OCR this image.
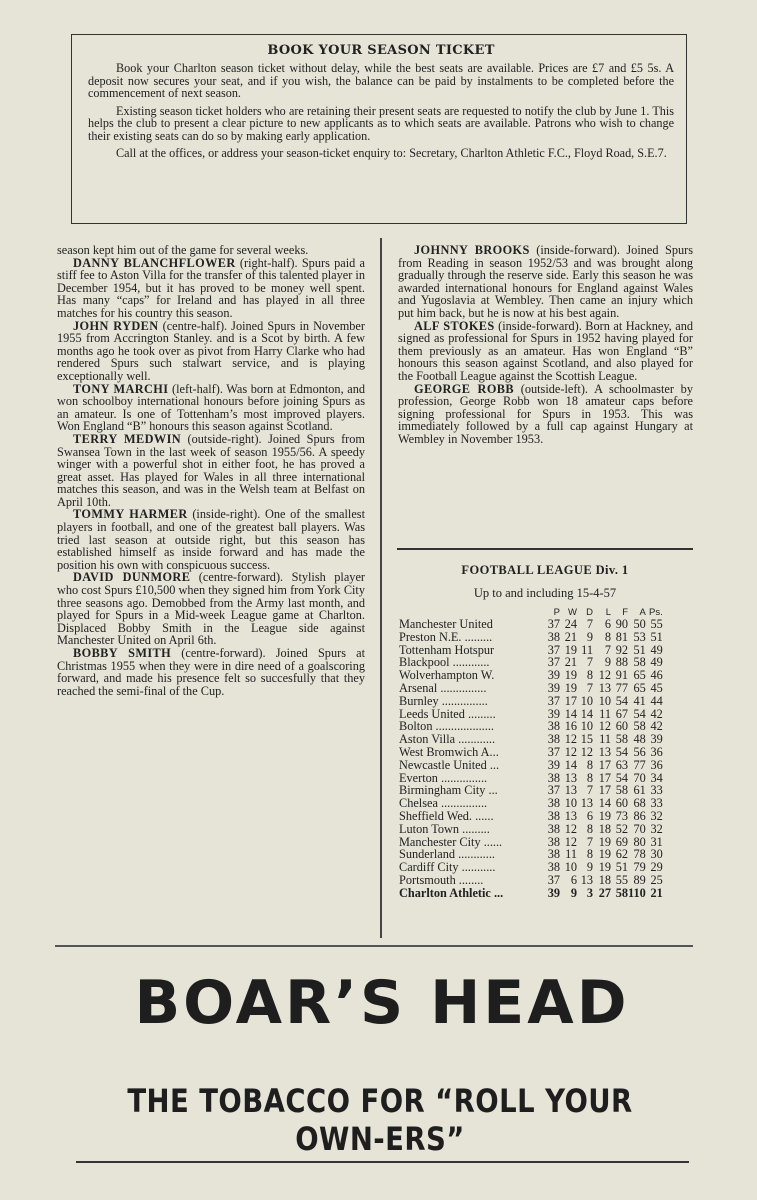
BOOK YOUR SEASON TICKET

Book your Charlton season ticket without delay, while the best seats are available. Prices are £7 and £5 5s. A deposit now secures your seat, and if you wish, the balance can be paid by instalments to be completed before the commencement of next season.

Existing season ticket holders who are retaining their present seats are requested to notify the club by June 1. This helps the club to present a clear picture to new applicants as to which seats are available. Patrons who wish to change their existing seats can do so by making early application.

Call at the offices, or address your season-ticket enquiry to: Secretary, Charlton Athletic F.C., Floyd Road, S.E.7.

season kept him out of the game for several weeks.

DANNY BLANCHFLOWER (right-half). Spurs paid a stiff fee to Aston Villa for the transfer of this talented player in December 1954, but it has proved to be money well spent. Has many “caps” for Ireland and has played in all three matches for his country this season.

JOHN RYDEN (centre-half). Joined Spurs in November 1955 from Accrington Stanley. and is a Scot by birth. A few months ago he took over as pivot from Harry Clarke who had rendered Spurs such stalwart service, and is playing exceptionally well.

TONY MARCHI (left-half). Was born at Edmonton, and won schoolboy international honours before joining Spurs as an amateur. Is one of Tottenham’s most improved players. Won England “B” honours this season against Scotland.

TERRY MEDWIN (outside-right). Joined Spurs from Swansea Town in the last week of season 1955/56. A speedy winger with a powerful shot in either foot, he has proved a great asset. Has played for Wales in all three international matches this season, and was in the Welsh team at Belfast on April 10th.

TOMMY HARMER (inside-right). One of the smallest players in football, and one of the greatest ball players. Was tried last season at outside right, but this season has established himself as inside forward and has made the position his own with conspicuous success.

DAVID DUNMORE (centre-forward). Stylish player who cost Spurs £10,500 when they signed him from York City three seasons ago. Demobbed from the Army last month, and played for Spurs in a Mid-week League game at Charlton. Displaced Bobby Smith in the League side against Manchester United on April 6th.

BOBBY SMITH (centre-forward). Joined Spurs at Christmas 1955 when they were in dire need of a goalscoring forward, and made his presence felt so succesfully that they reached the semi-final of the Cup.

JOHNNY BROOKS (inside-forward). Joined Spurs from Reading in season 1952/53 and was brought along gradually through the reserve side. Early this season he was awarded international honours for England against Wales and Yugoslavia at Wembley. Then came an injury which put him back, but he is now at his best again.

ALF STOKES (inside-forward). Born at Hackney, and signed as professional for Spurs in 1952 having played for them previously as an amateur. Has won England “B” honours this season against Scotland, and also played for the Football League against the Scottish League.

GEORGE ROBB (outside-left). A schoolmaster by profession, George Robb won 18 amateur caps before signing professional for Spurs in 1953. This was immediately followed by a full cap against Hungary at Wembley in November 1953.

FOOTBALL LEAGUE Div. 1
Up to and including 15-4-57
	P	W	D	L	F	A	Ps.
Manchester United	37	24	7	6	90	50	55
Preston N.E. .........	38	21	9	8	81	53	51
Tottenham Hotspur	37	19	11	7	92	51	49
Blackpool ............	37	21	7	9	88	58	49
Wolverhampton W.	39	19	8	12	91	65	46
Arsenal ...............	39	19	7	13	77	65	45
Burnley ...............	37	17	10	10	54	41	44
Leeds United .........	39	14	14	11	67	54	42
Bolton ...................	38	16	10	12	60	58	42
Aston Villa ............	38	12	15	11	58	48	39
West Bromwich A...	37	12	12	13	54	56	36
Newcastle United ...	39	14	8	17	63	77	36
Everton ...............	38	13	8	17	54	70	34
Birmingham City ...	37	13	7	17	58	61	33
Chelsea ...............	38	10	13	14	60	68	33
Sheffield Wed. ......	38	13	6	19	73	86	32
Luton Town .........	38	12	8	18	52	70	32
Manchester City ......	38	12	7	19	69	80	31
Sunderland ............	38	11	8	19	62	78	30
Cardiff City ...........	38	10	9	19	51	79	29
Portsmouth ........	37	6	13	18	55	89	25
Charlton Athletic ...	39	9	3	27	58	110	21
BOAR’S HEAD
THE TOBACCO FOR “ROLL YOUR OWN-ERS”
